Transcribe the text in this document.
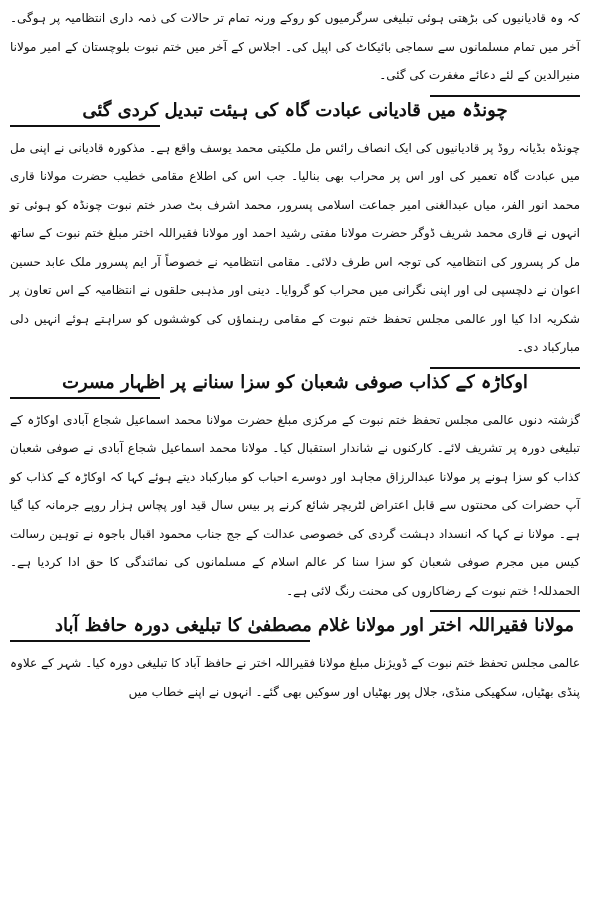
کہ وہ قادیانیوں کی بڑھتی ہوئی تبلیغی سرگرمیوں کو روکے ورنہ تمام تر حالات کی ذمہ داری انتظامیہ پر ہوگی۔ آخر میں تمام مسلمانوں سے سماجی بائیکاٹ کی اپیل کی۔ اجلاس کے آخر میں ختم نبوت بلوچستان کے امیر مولانا منیرالدین کے لئے دعائے مغفرت کی گئی۔

چونڈہ میں قادیانی عبادت گاہ کی ہیئت تبدیل کردی گئی

چونڈہ بڈیانہ روڈ پر قادیانیوں کی ایک انصاف رائس مل ملکیتی محمد یوسف واقع ہے۔ مذکورہ قادیانی نے اپنی مل میں عبادت گاہ تعمیر کی اور اس پر محراب بھی بنالیا۔ جب اس کی اطلاع مقامی خطیب حضرت مولانا قاری محمد انور الفر، میاں عبدالغنی امیر جماعت اسلامی پسرور، محمد اشرف بٹ صدر ختم نبوت چونڈہ کو ہوئی تو انہوں نے قاری محمد شریف ڈوگر حضرت مولانا مفتی رشید احمد اور مولانا فقیراللہ اختر مبلغ ختم نبوت کے ساتھ مل کر پسرور کی انتظامیہ کی توجہ اس طرف دلائی۔ مقامی انتظامیہ نے خصوصاً آر ایم پسرور ملک عابد حسین اعوان نے دلچسپی لی اور اپنی نگرانی میں محراب کو گروایا۔ دینی اور مذہبی حلقوں نے انتظامیہ کے اس تعاون پر شکریہ ادا کیا اور عالمی مجلس تحفظ ختم نبوت کے مقامی رہنماؤں کی کوششوں کو سراہتے ہوئے انہیں دلی مبارکباد دی۔

اوکاڑہ کے کذاب صوفی شعبان کو سزا سنانے پر اظہار مسرت

گزشتہ دنوں عالمی مجلس تحفظ ختم نبوت کے مرکزی مبلغ حضرت مولانا محمد اسماعیل شجاع آبادی اوکاڑہ کے تبلیغی دورہ پر تشریف لائے۔ کارکنوں نے شاندار استقبال کیا۔ مولانا محمد اسماعیل شجاع آبادی نے صوفی شعبان کذاب کو سزا ہونے پر مولانا عبدالرزاق مجاہد اور دوسرے احباب کو مبارکباد دیتے ہوئے کہا کہ اوکاڑہ کے کذاب کو آپ حضرات کی محنتوں سے قابل اعتراض لٹریچر شائع کرنے پر بیس سال قید اور پچاس ہزار روپے جرمانہ کیا گیا ہے۔ مولانا نے کہا کہ انسداد دہشت گردی کی خصوصی عدالت کے جج جناب محمود اقبال باجوہ نے توہین رسالت کیس میں مجرم صوفی شعبان کو سزا سنا کر عالم اسلام کے مسلمانوں کی نمائندگی کا حق ادا کردیا ہے۔ الحمدللہ! ختم نبوت کے رضاکاروں کی محنت رنگ لائی ہے۔

مولانا فقیراللہ اختر اور مولانا غلام مصطفیٰ کا تبلیغی دورہ حافظ آباد

عالمی مجلس تحفظ ختم نبوت کے ڈویژنل مبلغ مولانا فقیراللہ اختر نے حافظ آباد کا تبلیغی دورہ کیا۔ شہر کے علاوہ پنڈی بھٹیاں، سکھیکی منڈی، جلال پور بھٹیاں اور سوکیں بھی گئے۔ انہوں نے اپنے خطاب میں
